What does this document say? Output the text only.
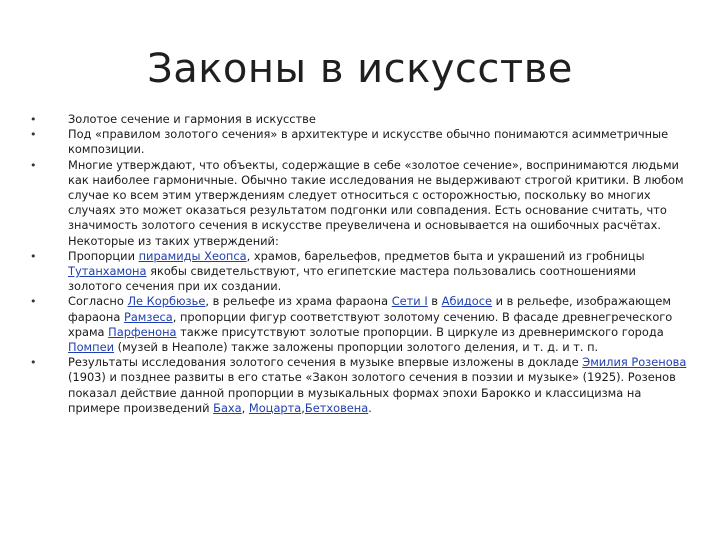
Законы в искусстве
•	Золотое сечение и гармония в искусстве
•	Под «правилом золотого сечения» в архитектуре и искусстве обычно понимаются асимметричные композиции.
•	Многие утверждают, что объекты, содержащие в себе «золотое сечение», воспринимаются людьми как наиболее гармоничные. Обычно такие исследования не выдерживают строгой критики. В любом случае ко всем этим утверждениям следует относиться с осторожностью, поскольку во многих случаях это может оказаться результатом подгонки или совпадения. Есть основание считать, что значимость золотого сечения в искусстве преувеличена и основывается на ошибочных расчётах. Некоторые из таких утверждений:
•	Пропорции пирамиды Хеопса, храмов, барельефов, предметов быта и украшений из гробницы Тутанхамона якобы свидетельствуют, что египетские мастера пользовались соотношениями золотого сечения при их создании.
•	Согласно Ле Корбюзье, в рельефе из храма фараона Сети I в Абидосе и в рельефе, изображающем фараона Рамзеса, пропорции фигур соответствуют золотому сечению. В фасаде древнегреческого храма Парфенона также присутствуют золотые пропорции. В циркуле из древнеримского города Помпеи (музей в Неаполе) также заложены пропорции золотого деления, и т. д. и т. п.
•	Результаты исследования золотого сечения в музыке впервые изложены в докладе Эмилия Розенова (1903) и позднее развиты в его статье «Закон золотого сечения в поэзии и музыке» (1925). Розенов показал действие данной пропорции в музыкальных формах эпохи Барокко и классицизма на примере произведений Баха, Моцарта,Бетховена.
